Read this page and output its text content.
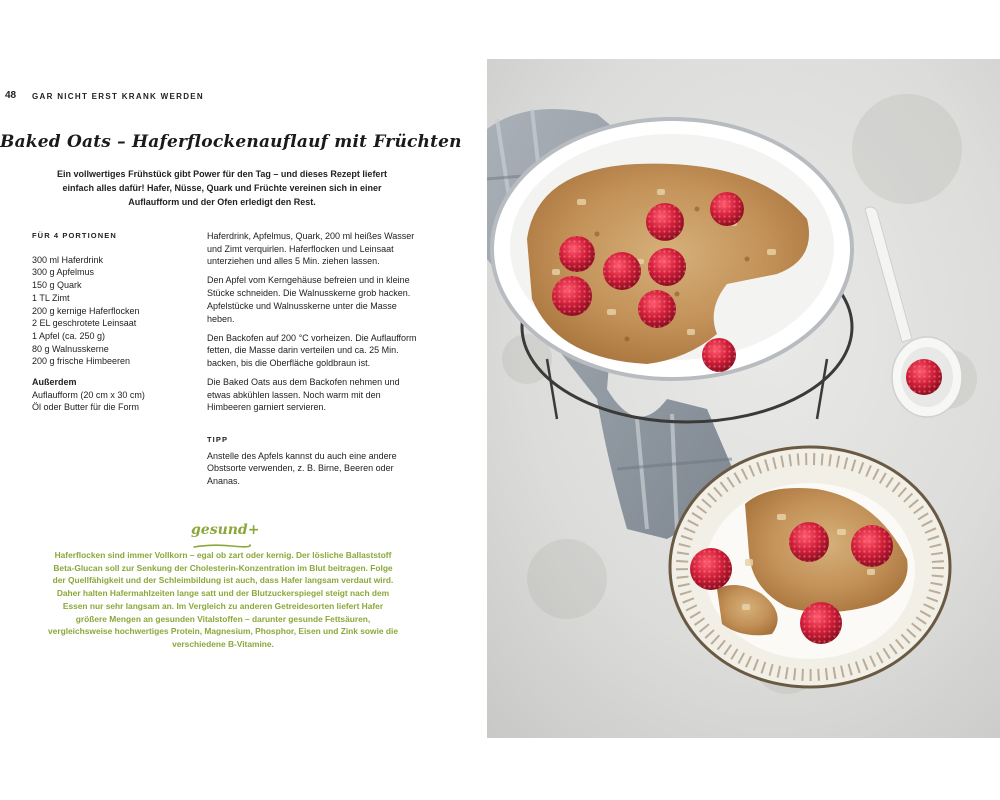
48 GAR NICHT ERST KRANK WERDEN
Baked Oats – Haferflockenauflauf mit Früchten

Ein vollwertiges Frühstück gibt Power für den Tag – und dieses Rezept liefert einfach alles dafür! Hafer, Nüsse, Quark und Früchte vereinen sich in einer Auflaufform und der Ofen erledigt den Rest.

FÜR 4 PORTIONEN
300 ml Haferdrink
300 g Apfelmus
150 g Quark
1 TL Zimt
200 g kernige Haferflocken
2 EL geschrotete Leinsaat
1 Apfel (ca. 250 g)
80 g Walnusskerne
200 g frische Himbeeren
Außerdem
Auflaufform (20 cm x 30 cm)
Öl oder Butter für die Form

Haferdrink, Apfelmus, Quark, 200 ml heißes Wasser und Zimt verquirlen. Haferflocken und Leinsaat unterziehen und alles 5 Min. ziehen lassen.

Den Apfel vom Kerngehäuse befreien und in kleine Stücke schneiden. Die Walnusskerne grob hacken. Apfelstücke und Walnusskerne unter die Masse heben.

Den Backofen auf 200 °C vorheizen. Die Auflaufform fetten, die Masse darin verteilen und ca. 25 Min. backen, bis die Oberfläche goldbraun ist.

Die Baked Oats aus dem Backofen nehmen und etwas abkühlen lassen. Noch warm mit den Himbeeren garniert servieren.

TIPP

Anstelle des Apfels kannst du auch eine andere Obstsorte verwenden, z. B. Birne, Beeren oder Ananas.

gesund+

Haferflocken sind immer Vollkorn – egal ob zart oder kernig. Der lösliche Ballaststoff Beta-Glucan soll zur Senkung der Cholesterin-Konzentration im Blut beitragen. Folge der Quellfähigkeit und der Schleimbildung ist auch, dass Hafer langsam verdaut wird. Daher halten Hafermahlzeiten lange satt und der Blutzuckerspiegel steigt nach dem Essen nur sehr langsam an. Im Vergleich zu anderen Getreidesorten liefert Hafer größere Mengen an gesunden Vitalstoffen – darunter gesunde Fettsäuren, vergleichsweise hochwertiges Protein, Magnesium, Phosphor, Eisen und Zink sowie die verschiedene B-Vitamine.
